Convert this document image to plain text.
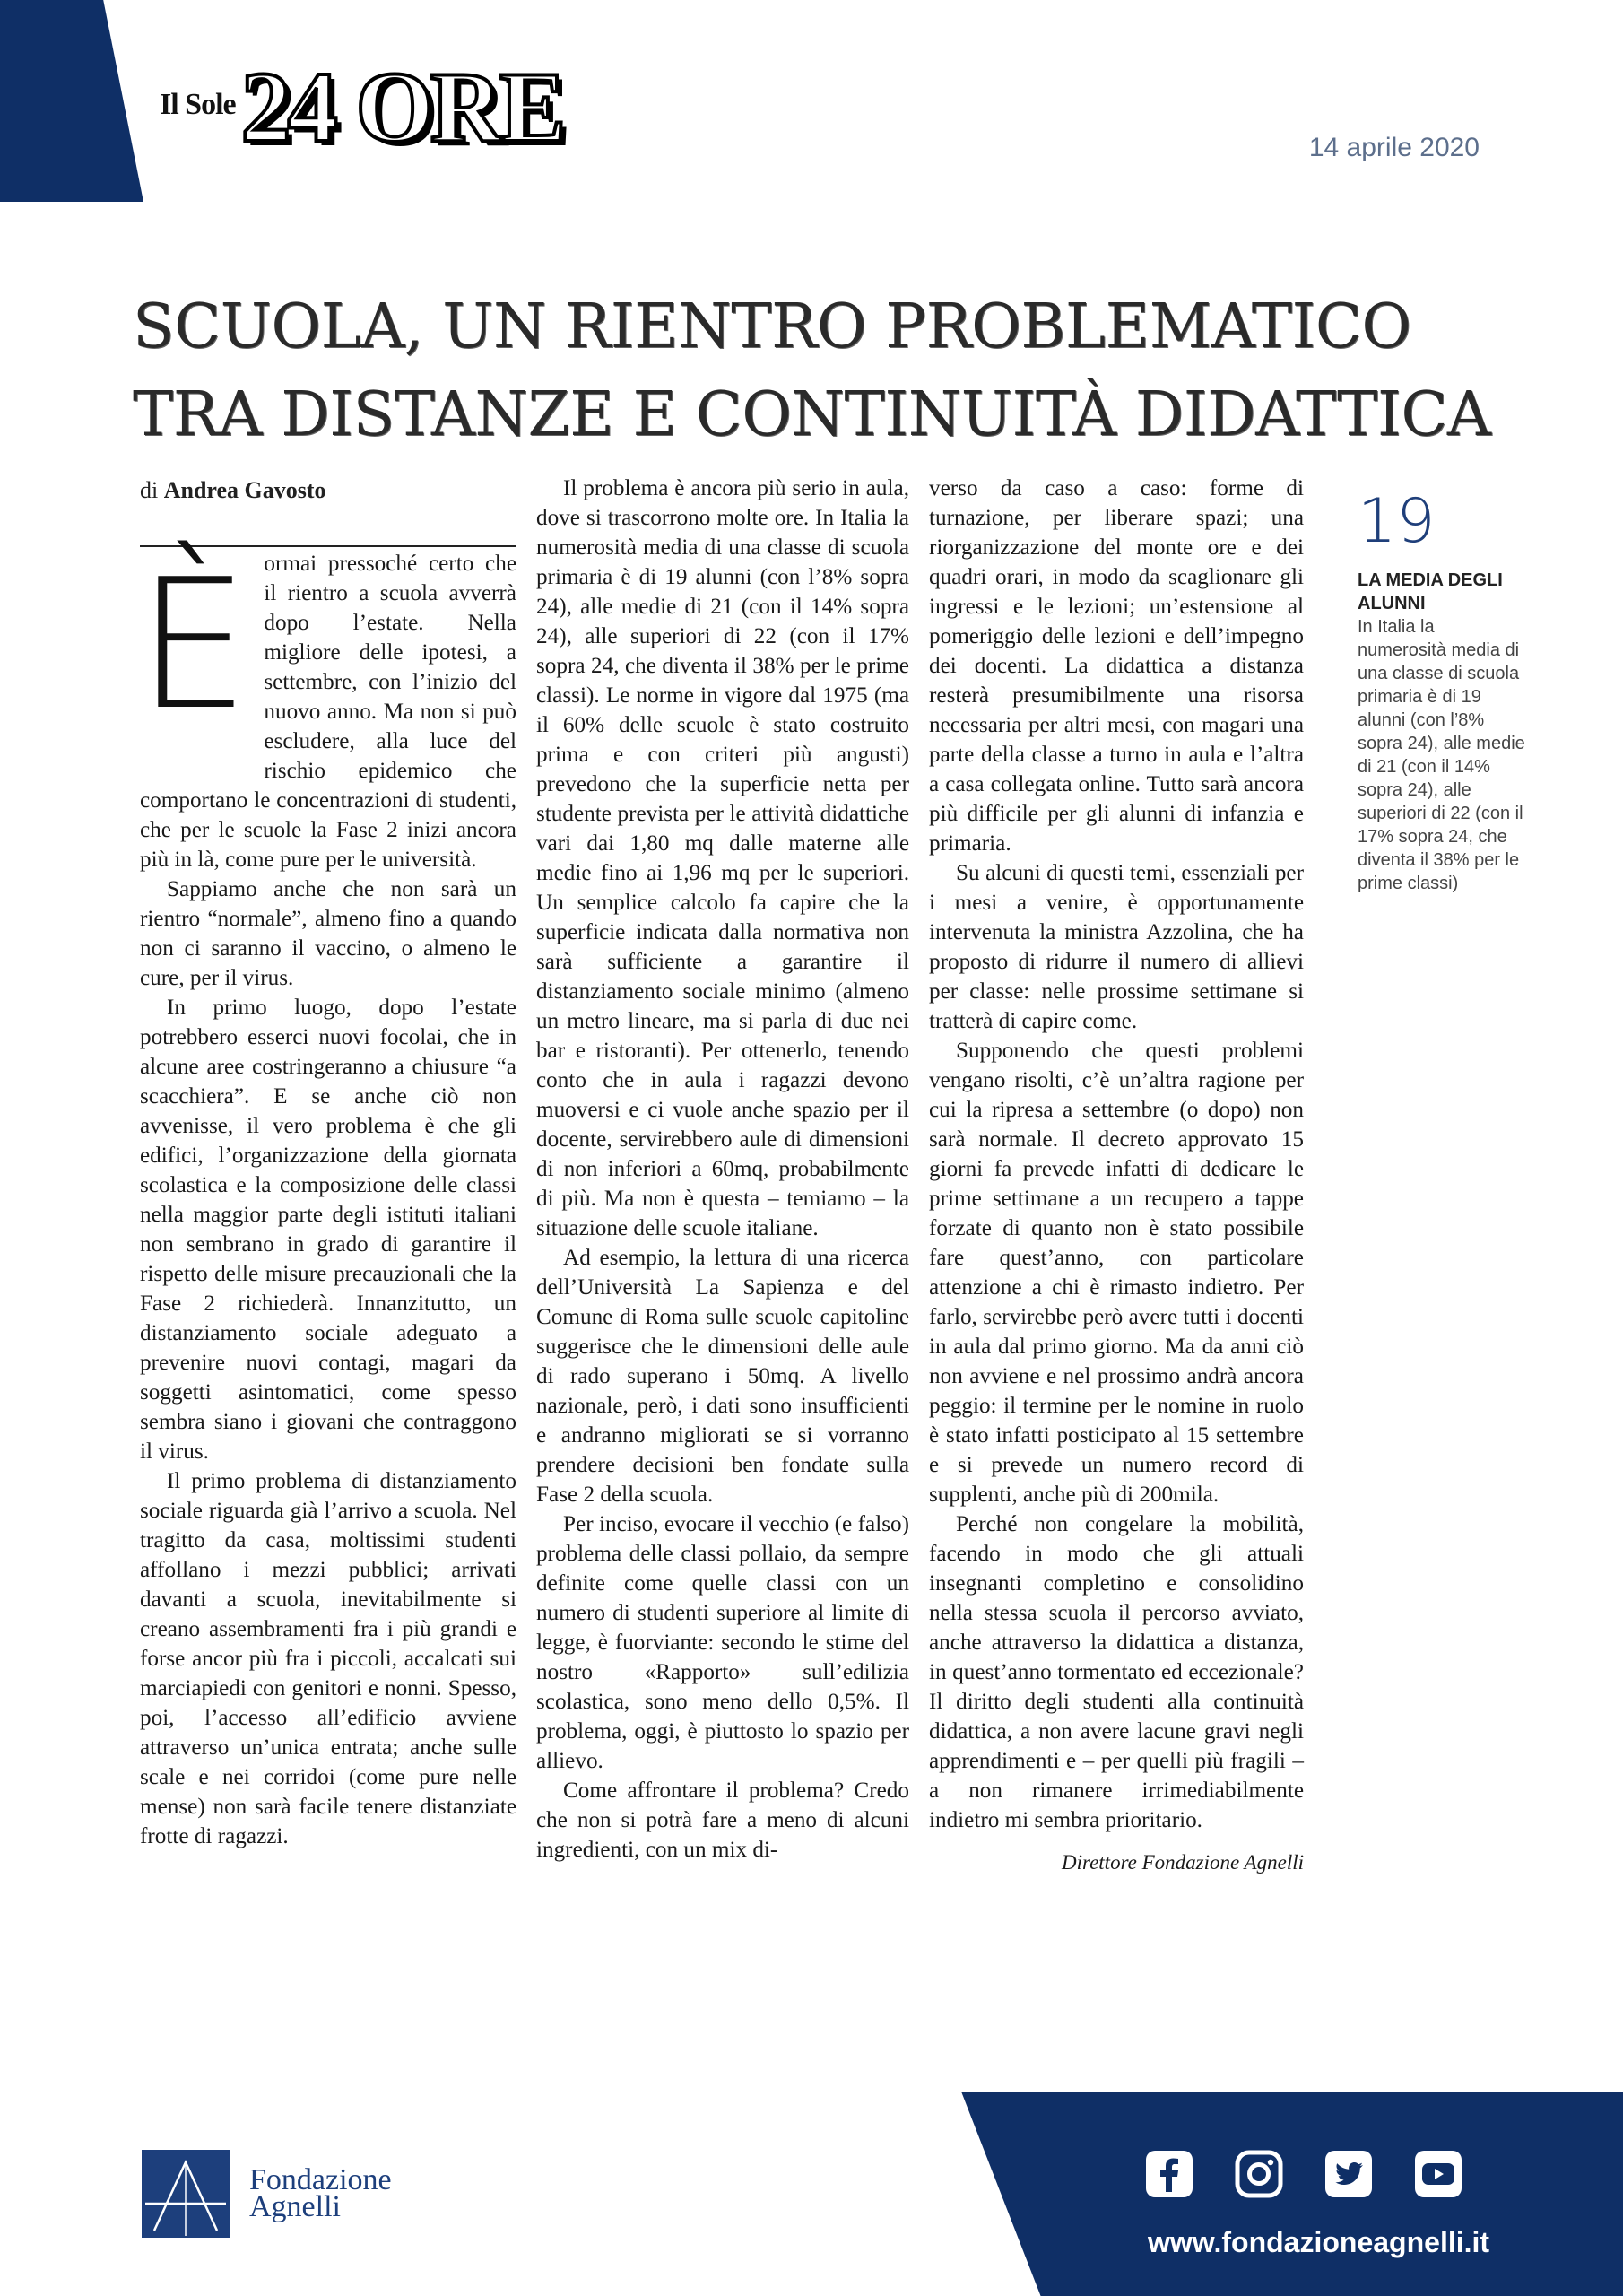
Il Sole 24 ORE	14 aprile 2020
SCUOLA, UN RIENTRO PROBLEMATICO
TRA DISTANZE E CONTINUITÀ DIDATTICA
di Andrea Gavosto
È ormai pressoché certo che il rientro a scuola avverrà dopo l’estate. Nella migliore delle ipotesi, a settembre, con l’inizio del nuovo anno. Ma non si può escludere, alla luce del rischio epidemico che comportano le concentrazioni di studenti, che per le scuole la Fase 2 inizi ancora più in là, come pure per le università.

Sappiamo anche che non sarà un rientro “normale”, almeno fino a quando non ci saranno il vaccino, o almeno le cure, per il virus.

In primo luogo, dopo l’estate potrebbero esserci nuovi focolai, che in alcune aree costringeranno a chiusure “a scacchiera”. E se anche ciò non avvenisse, il vero problema è che gli edifici, l’organizzazione della giornata scolastica e la composizione delle classi nella maggior parte degli istituti italiani non sembrano in grado di garantire il rispetto delle misure precauzionali che la Fase 2 richiederà. Innanzitutto, un distanziamento sociale adeguato a prevenire nuovi contagi, magari da soggetti asintomatici, come spesso sembra siano i giovani che contraggono il virus.

Il primo problema di distanziamento sociale riguarda già l’arrivo a scuola. Nel tragitto da casa, moltissimi studenti affollano i mezzi pubblici; arrivati davanti a scuola, inevitabilmente si creano assembramenti fra i più grandi e forse ancor più fra i piccoli, accalcati sui marciapiedi con genitori e nonni. Spesso, poi, l’accesso all’edificio avviene attraverso un’unica entrata; anche sulle scale e nei corridoi (come pure nelle mense) non sarà facile tenere distanziate frotte di ragazzi.

Il problema è ancora più serio in aula, dove si trascorrono molte ore. In Italia la numerosità media di una classe di scuola primaria è di 19 alunni (con l’8% sopra 24), alle medie di 21 (con il 14% sopra 24), alle superiori di 22 (con il 17% sopra 24, che diventa il 38% per le prime classi). Le norme in vigore dal 1975 (ma il 60% delle scuole è stato costruito prima e con criteri più angusti) prevedono che la superficie netta per studente prevista per le attività didattiche vari dai 1,80 mq dalle materne alle medie fino ai 1,96 mq per le superiori. Un semplice calcolo fa capire che la superficie indicata dalla normativa non sarà sufficiente a garantire il distanziamento sociale minimo (almeno un metro lineare, ma si parla di due nei bar e ristoranti). Per ottenerlo, tenendo conto che in aula i ragazzi devono muoversi e ci vuole anche spazio per il docente, servirebbero aule di dimensioni di non inferiori a 60mq, probabilmente di più. Ma non è questa – temiamo – la situazione delle scuole italiane.

Ad esempio, la lettura di una ricerca dell’Università La Sapienza e del Comune di Roma sulle scuole capitoline suggerisce che le dimensioni delle aule di rado superano i 50mq. A livello nazionale, però, i dati sono insufficienti e andranno migliorati se si vorranno prendere decisioni ben fondate sulla Fase 2 della scuola.

Per inciso, evocare il vecchio (e falso) problema delle classi pollaio, da sempre definite come quelle classi con un numero di studenti superiore al limite di legge, è fuorviante: secondo le stime del nostro «Rapporto» sull’edilizia scolastica, sono meno dello 0,5%. Il problema, oggi, è piuttosto lo spazio per allievo.

Come affrontare il problema? Credo che non si potrà fare a meno di alcuni ingredienti, con un mix di-

verso da caso a caso: forme di turnazione, per liberare spazi; una riorganizzazione del monte ore e dei quadri orari, in modo da scaglionare gli ingressi e le lezioni; un’estensione al pomeriggio delle lezioni e dell’impegno dei docenti. La didattica a distanza resterà presumibilmente una risorsa necessaria per altri mesi, con magari una parte della classe a turno in aula e l’altra a casa collegata online. Tutto sarà ancora più difficile per gli alunni di infanzia e primaria.

Su alcuni di questi temi, essenziali per i mesi a venire, è opportunamente intervenuta la ministra Azzolina, che ha proposto di ridurre il numero di allievi per classe: nelle prossime settimane si tratterà di capire come.

Supponendo che questi problemi vengano risolti, c’è un’altra ragione per cui la ripresa a settembre (o dopo) non sarà normale. Il decreto approvato 15 giorni fa prevede infatti di dedicare le prime settimane a un recupero a tappe forzate di quanto non è stato possibile fare quest’anno, con particolare attenzione a chi è rimasto indietro. Per farlo, servirebbe però avere tutti i docenti in aula dal primo giorno. Ma da anni ciò non avviene e nel prossimo andrà ancora peggio: il termine per le nomine in ruolo è stato infatti posticipato al 15 settembre e si prevede un numero record di supplenti, anche più di 200mila.

Perché non congelare la mobilità, facendo in modo che gli attuali insegnanti completino e consolidino nella stessa scuola il percorso avviato, anche attraverso la didattica a distanza, in quest’anno tormentato ed eccezionale? Il diritto degli studenti alla continuità didattica, a non avere lacune gravi negli apprendimenti e – per quelli più fragili – a non rimanere irrimediabilmente indietro mi sembra prioritario.

Direttore Fondazione Agnelli
19
LA MEDIA DEGLI ALUNNI
In Italia la numerosità media di una classe di scuola primaria è di 19 alunni (con l’8% sopra 24), alle medie di 21 (con il 14% sopra 24), alle superiori di 22 (con il 17% sopra 24, che diventa il 38% per le prime classi)
Fondazione
Agnelli
www.fondazioneagnelli.it
